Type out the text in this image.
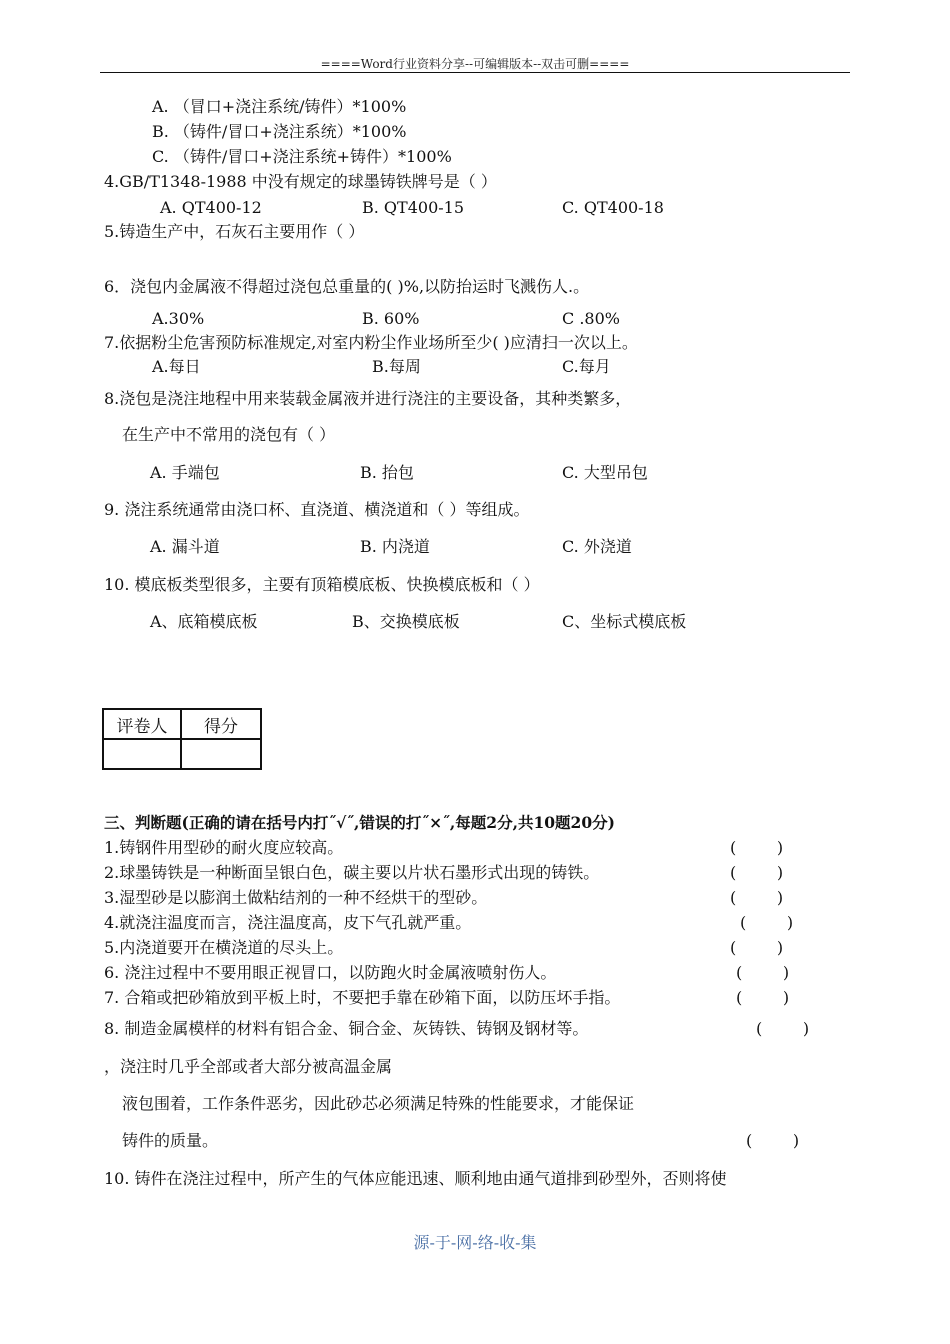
====Word行业资料分享--可编辑版本--双击可删====
A. （冒口+浇注系统/铸件）*100%
B. （铸件/冒口+浇注系统）*100%
C. （铸件/冒口+浇注系统+铸件）*100%
4.GB/T1348-1988 中没有规定的球墨铸铁牌号是（ ）
A. QT400-12	B. QT400-15	C. QT400-18
5.铸造生产中，石灰石主要用作（ ）
6．浇包内金属液不得超过浇包总重量的( )%,以防抬运时飞溅伤人.。
A.30%	B. 60%	C .80%
7.依据粉尘危害预防标准规定,对室内粉尘作业场所至少( )应清扫一次以上。
A.每日	B.每周	C.每月
8.浇包是浇注地程中用来装载金属液并进行浇注的主要设备，其种类繁多，
在生产中不常用的浇包有（ ）
A. 手端包	B. 抬包	C. 大型吊包
9. 浇注系统通常由浇口杯、直浇道、横浇道和（ ）等组成。
A. 漏斗道	B. 内浇道	C. 外浇道
10. 模底板类型很多，主要有顶箱模底板、快换模底板和（ ）
A、底箱模底板	B、交换模底板	C、坐标式模底板
评卷人	得分

三、判断题(正确的请在括号内打˝√˝,错误的打˝×˝,每题2分,共10题20分)
1.铸钢件用型砂的耐火度应较高。	(        )
2.球墨铸铁是一种断面呈银白色，碳主要以片状石墨形式出现的铸铁。	(        )
3.湿型砂是以膨润土做粘结剂的一种不经烘干的型砂。	(        )
4.就浇注温度而言，浇注温度高，皮下气孔就严重。	(        )
5.内浇道要开在横浇道的尽头上。	(        )
6. 浇注过程中不要用眼正视冒口，以防跑火时金属液喷射伤人。	(        )
7. 合箱或把砂箱放到平板上时，不要把手靠在砂箱下面，以防压坏手指。	(        )
8. 制造金属模样的材料有铝合金、铜合金、灰铸铁、铸钢及钢材等。	(        )
，浇注时几乎全部或者大部分被高温金属
液包围着，工作条件恶劣，因此砂芯必须满足特殊的性能要求，才能保证
铸件的质量。	(        )
10. 铸件在浇注过程中，所产生的气体应能迅速、顺利地由通气道排到砂型外，否则将使
源-于-网-络-收-集
